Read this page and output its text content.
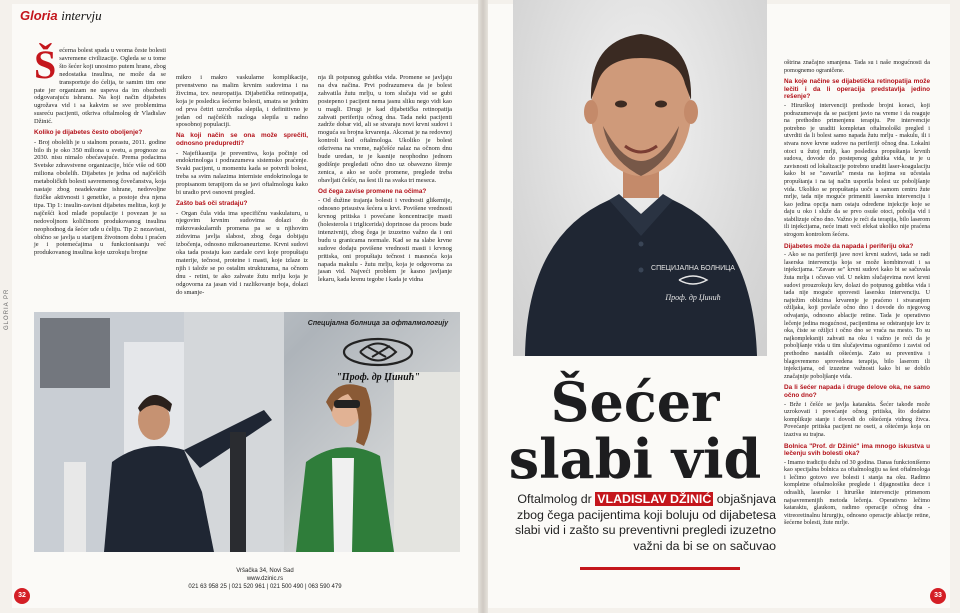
Gloria intervju
GLORIA PR
Š ećerna bolest spada u veoma česte bolesti savremene civilizacije. Ogleda se u tome što šećer koji unosimo putem hrane, zbog nedostatka insulina, ne može da se transportuje do ćelija, te samim tim one pate jer organizam ne uspeva da im obezbedi odgovarajuću ishranu. Na koji način dijabetes ugrožava vid i sa kakvim se sve problemima susreću pacijenti, otkriva oftalmolog dr Vladislav Džinić.

Koliko je dijabetes često oboljenje?

- Broj obolelih je u stalnom porastu, 2011. godine bilo ih je oko 350 miliona u svetu, a prognoze za 2030. nisu nimalo obećavajuće. Prema podacima Svetske zdravstvene organizacije, biće više od 600 miliona obolelih. Dijabetes je jedna od najčešćih metaboličkih bolesti savremenog čovečanstva, koja nastaje zbog neadekvatne ishrane, nedovoljne fizičke aktivnosti i genetike, a postoje dva njena tipa. Tip 1: insulin-zavisni dijabetes melitus, koji je najčešći kod mlađe populacije i povezan je sa nedovoljnom količinom produkovanog insulina neophodnog da šećer uđe u ćeliju. Tip 2: nezavisni, obično se javlja u starijem životnom dobu i praćen je i potemećajima u funkcionisanju već produkovanog insulina koje uzrokuju brojne

mikro i makro vaskularne komplikacije, prvenstveno na malim krvnim sudovima i na živcima, tzv. neuropatija. Dijabetička retinopatija, koja je posledica šećerne bolesti, smatra se jednim od prva četiri uzročnika slepila, i definitivno je jedan od najčešćih razloga slepila u radno sposobnoj populaciji.

Na koji način se ona može sprečiti, odnosno predupredti?

- Najefikasnija je preventiva, koja počinje od endokrinologa i podrazumeva sistemsko praćenje. Svaki pacijent, u momentu kada se potvrdi bolest, treba sa svim nalazima interniste endokrinologa te propisanom terapijom da se javi oftalmologu kako bi uradio prvi osnovni pregled.

Zašto baš oči stradaju?

- Organ čula vida ima specifičnu vaskulaturu, u njegovim krvnim sudovima dolazi do mikrovaskularnih promena pa se u njihovim zidovima javlja slabost, zbog čega dobijaju izbočenja, odnosno mikroaneurizme. Krvni sudovi oka tada postaju kao zardale cevi koje propuštaju materije, tečnost, proteine i masti, koje izlaze iz njih i talože se po ostalim strukturama, na očnom dnu - retini, te ako zahvate žutu mrlju koja je odgovorna za jasan vid i razlikovanje boja, dolazi do smanje-

nja ili potpunog gubitka vida. Promene se javljaju na dva načina. Prvi podrazumeva da je bolest zahvatila žutu mrlju, u tom slučaju vid se gubi postepeno i pacijent nema jasnu sliku nego vidi kao u magli. Drugi je kad dijabetička retinopatija zahvati periferiju očnog dna. Tada neki pacijenti zadrže dobar vid, ali se stvaraju novi krvni sudovi i moguća su brojna krvarenja. Akcenat je na redovnoj kontroli kod oftalmologa. Ukoliko je bolest otkrivena na vreme, najčešće nalaz na očnom dnu bude uredan, te je kasnije neophodno jednom godišnje pregledati očno dno uz obavezno širenje zenica, a ako se uoče promene, preglede treba obavljati češće, na šest ili na svaka tri meseca.

Od čega zavise promene na očima?

- Od dužine trajanja bolesti i vrednosti glikemije, odnosno prisustva šećera u krvi. Povišene vrednosti krvnog pritiska i povećane koncentracije masti (holesterola i triglicerida) doprinose da proces bude intenzivniji, zbog čega je izuzetno važno da i oni budu u granicama normale. Kad se na slabe krvne sudove dodaju povišene vrednosti masti i krvnog pritiska, oni propuštaju tečnost i masnoća koja napada makulu - žutu mrlju, koja je odgovorna za jasan vid. Najveći problem je kasno javljanje lekaru, kada krenu tegobe i kada je vidna

oštrina značajno smanjena. Tada su i naše mogućnosti da pomognemo ograničene.

Na koje načine se dijabetička retinopatija može lečiti i da li operacija predstavlja jedino rešenje?

- Hirurškoj intervenciji prethode brojni koraci, koji podrazumevaju da se pacijent javio na vreme i da reaguje na prethodno primenjenu terapiju. Pre intervencije potrebno je uraditi kompletan oftalmološki pregled i utvrditi da li bolest samo napada žutu mrlju - makulu, ili i stvara nove krvne sudove na periferiji očnog dna. Lokalni otoci u žutoj mrlji, kao posledica propuštanja krvnih sudova, dovode do postepenog gubitka vida, te je u zavisnosti od lokalizacije potrebno uraditi laser-koagulaciju kako bi se "zavarila" mesta na kojima su učestala propuštanja i na taj način usporila bolest uz poboljšanje vida. Ukoliko se propuštanja uoče u samom centru žute mrlje, tada nije moguće primeniti lasersku intervenciju i kao jedina opcija nam ostaju određene injekcije koje se daju u oko i služe da se prvo osuše otoci, pobolja vid i stabilizuje očno dno. Važno je reći da terapija, bilo laserom ili injekcijama, neće imati veći efekat ukoliko nije praćena strogom kontrolom šećera.

Dijabetes može da napada i periferiju oka?

- Ako se na periferiji jave novi krvni sudovi, tada se radi laserska intervencija koja se može kombinovati i sa injekcijama. "Zavare se" krvni sudovi kako bi se sačuvala žuta mrlja i očuvao vid. U nekim slučajevima novi krvni sudovi prouzrokuju krv, dolazi do potpunog gubitka vida i tada nije moguće sprovesti lasersku intervenciju. U najtežim oblicima krvarenje je praćeno i stvaranjem ožiljaka, koji povlače očno dno i dovode do njegovog odvajanja, odnosno ablacije retine. Tada je operativno lečenje jedina mogućnost, pacijentima se odstranjuje krv iz oka, čiste se ožiljci i očno dno se vraća na mesto. To su najkompleksniji zahvati na oku i važno je reći da je poboljšanje vida u tim slučajevima ograničeno i zavisi od prethodno nastalih oštećenja. Zato su preventiva i blagovremeno sprovedena terapija, bilo laserom ili injekcijama, od izuzetne važnosti kako bi se dobilo značajnije poboljšanje vida.

Da li šećer napada i druge delove oka, ne samo očno dno?

- Brže i češće se javlja katarakta. Šećer takođe može uzrokovati i povećanje očnog pritiska, što dodatno komplikuje stanje i dovodi do oštećenja vidnog živca. Povećanje pritiska pacijent ne oseti, a oštećenja koja on izaziva su trajna.

Bolnica "Prof. dr Džinić" ima mnogo iskustva u lečenju svih bolesti oka?

- Imamo tradiciju dužu od 30 godina. Danas funkcionišemo kao specijalna bolnica za oftalmologiju sa šest oftalmologa i lečimo gotovo sve bolesti i stanja na oku. Radimo kompletne oftalmološke preglede i dijagnostiku dece i odraslih, laserske i hirurške intervencije primenom najsavremenijih metoda lečenja. Operativno lečimo kataraktu, glaukom, radimo operacije očnog dna - vitreoretinalnu hirurgiju, odnosno operacije ablacije retine, šećerne bolesti, žute mrlje.

Специјална болница за офталмологију
"Проф. др Џинић"
Vršačka 34, Novi Sad
www.dzinic.rs
021 63 958 25 | 021 520 961 | 021 500 490 | 063 590 479
32	33
СПЕЦИЈАЛНА БОЛНИЦА
Проф. др Џинић
Šećer
slabi vid
Oftalmolog dr VLADISLAV DŽINIĆ objašnjava zbog čega pacijentima koji boluju od dijabetesa slabi vid i zašto su preventivni pregledi izuzetno važni da bi se on sačuvao
